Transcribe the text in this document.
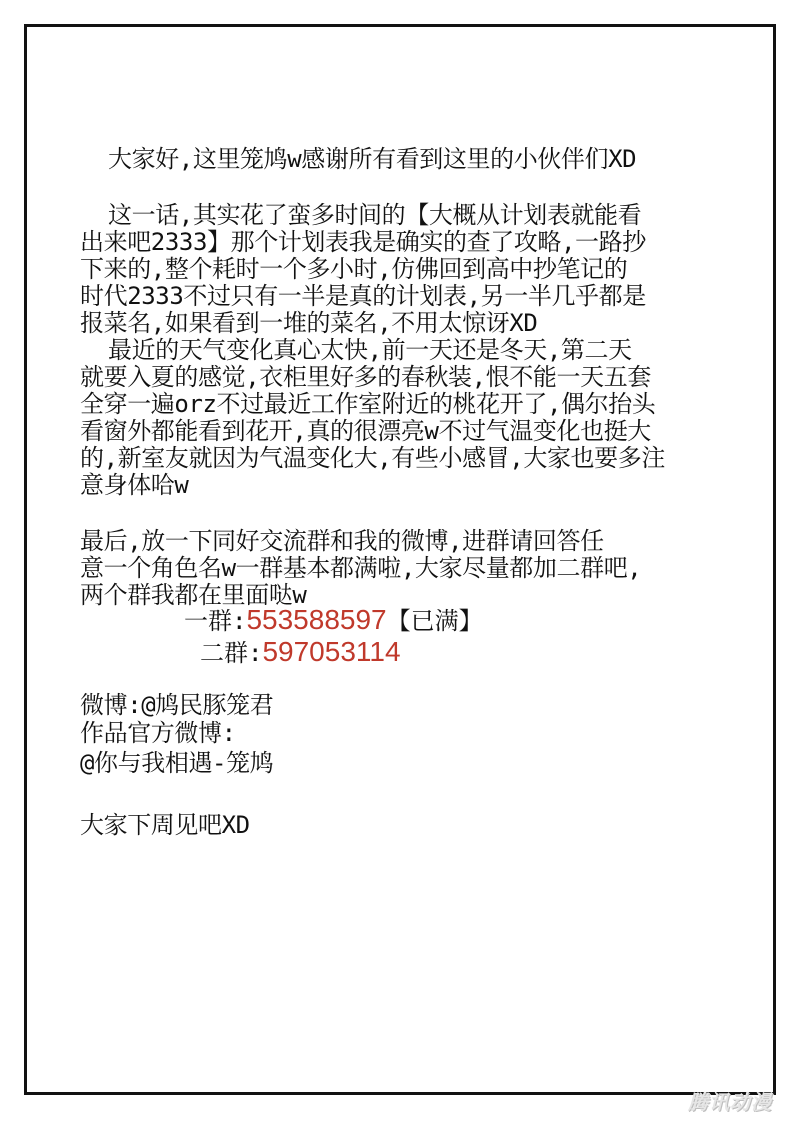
大家好,这里笼鸠w感谢所有看到这里的小伙伴们XD
这一话,其实花了蛮多时间的【大概从计划表就能看
出来吧2333】那个计划表我是确实的查了攻略,一路抄
下来的,整个耗时一个多小时,仿佛回到高中抄笔记的
时代2333不过只有一半是真的计划表,另一半几乎都是
报菜名,如果看到一堆的菜名,不用太惊讶XD
最近的天气变化真心太快,前一天还是冬天,第二天
就要入夏的感觉,衣柜里好多的春秋装,恨不能一天五套
全穿一遍orz不过最近工作室附近的桃花开了,偶尔抬头
看窗外都能看到花开,真的很漂亮w不过气温变化也挺大
的,新室友就因为气温变化大,有些小感冒,大家也要多注
意身体哈w
最后,放一下同好交流群和我的微博,进群请回答任
意一个角色名w一群基本都满啦,大家尽量都加二群吧,
两个群我都在里面哒w
一群:553588597【已满】
二群:597053114
微博:@鸠民豚笼君
作品官方微博:
@你与我相遇-笼鸠
大家下周见吧XD
腾讯动漫
